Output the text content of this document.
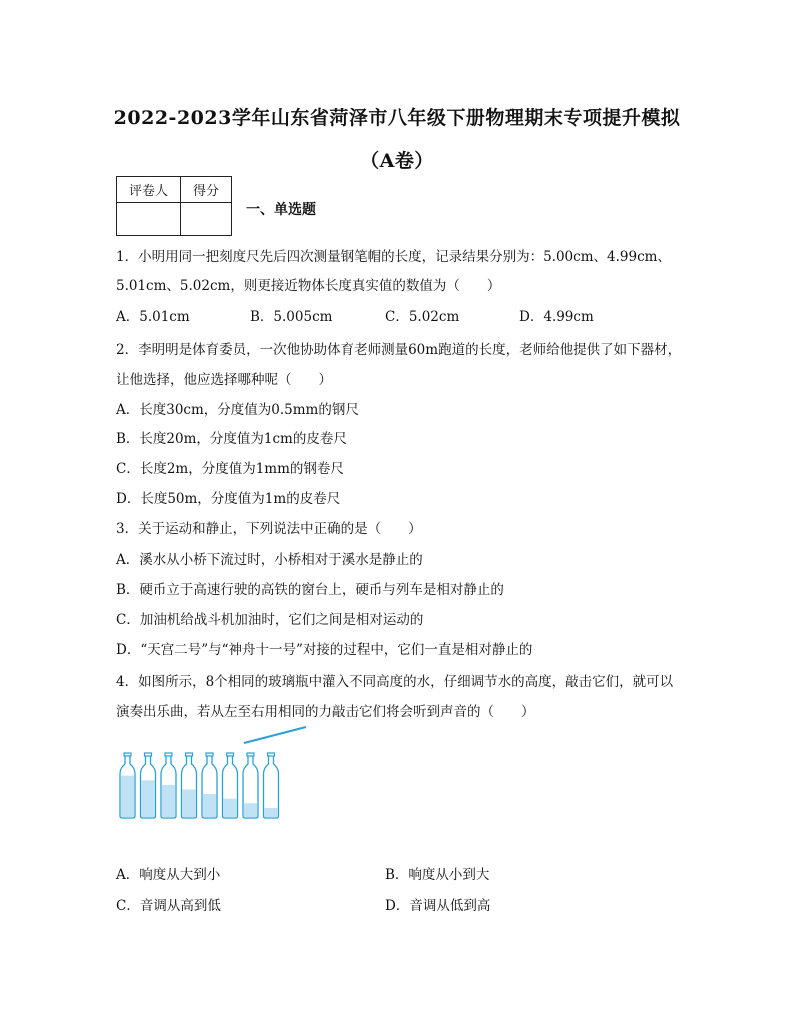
2022-2023学年山东省菏泽市八年级下册物理期末专项提升模拟
（A卷）
评卷人	得分

一、单选题
1．小明用同一把刻度尺先后四次测量钢笔帽的长度，记录结果分别为：5.00cm、4.99cm、
5.01cm、5.02cm，则更接近物体长度真实值的数值为（　　）
A．5.01cm	B．5.005cm	C．5.02cm	D．4.99cm
2．李明明是体育委员，一次他协助体育老师测量60m跑道的长度，老师给他提供了如下器材，
让他选择，他应选择哪种呢（　　）
A．长度30cm，分度值为0.5mm的钢尺
B．长度20m，分度值为1cm的皮卷尺
C．长度2m，分度值为1mm的钢卷尺
D．长度50m，分度值为1m的皮卷尺
3．关于运动和静止，下列说法中正确的是（　　）
A．溪水从小桥下流过时，小桥相对于溪水是静止的
B．硬币立于高速行驶的高铁的窗台上，硬币与列车是相对静止的
C．加油机给战斗机加油时，它们之间是相对运动的
D．“天宫二号”与“神舟十一号”对接的过程中，它们一直是相对静止的
4．如图所示，8个相同的玻璃瓶中灌入不同高度的水，仔细调节水的高度，敲击它们，就可以
演奏出乐曲，若从左至右用相同的力敲击它们将会听到声音的（　　）
A．响度从大到小	B．响度从小到大
C．音调从高到低	D．音调从低到高
